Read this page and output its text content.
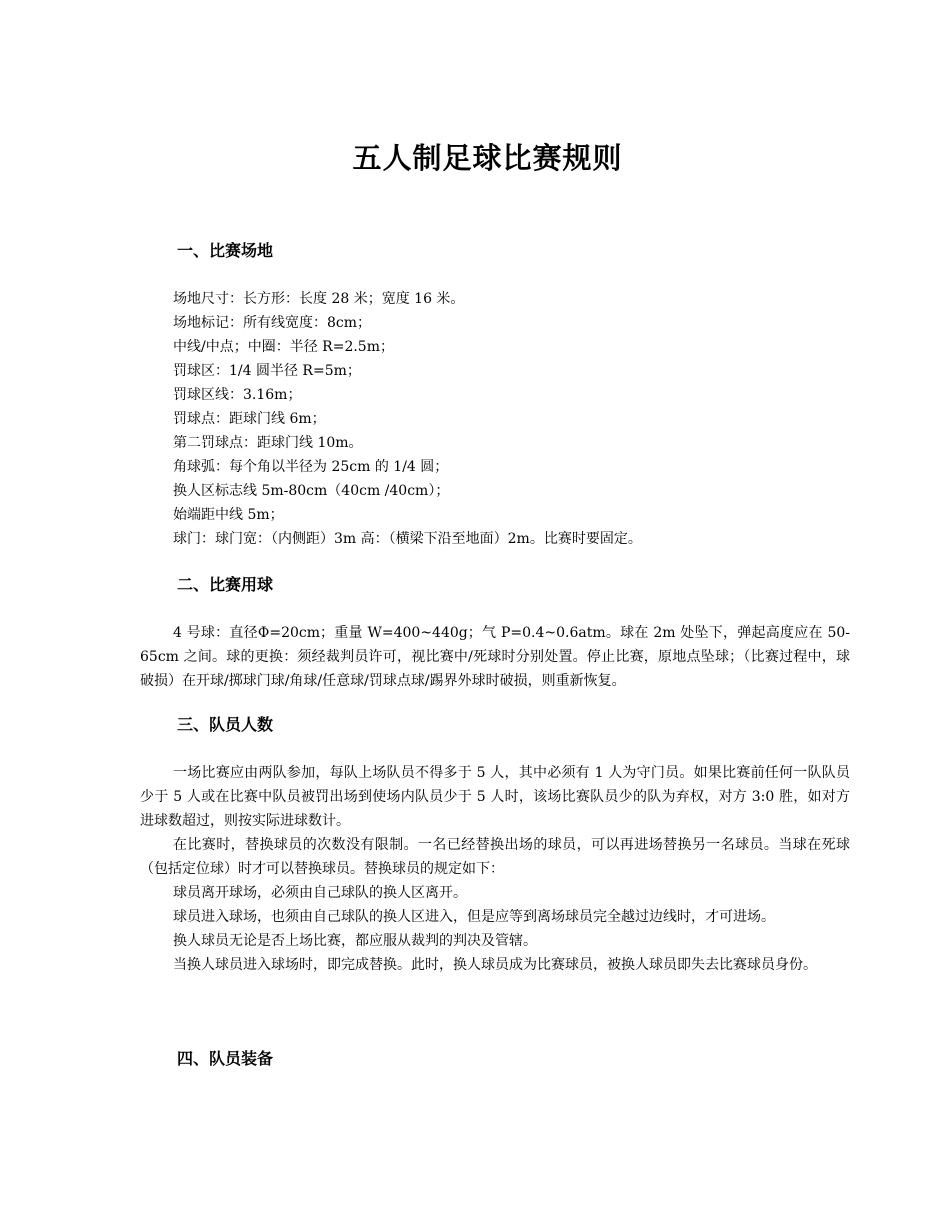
五人制足球比赛规则
一、比赛场地

场地尺寸：长方形：长度 28 米；宽度 16 米。

场地标记：所有线宽度：8cm；

中线/中点；中圈：半径 R=2.5m；

罚球区：1/4 圆半径 R=5m；

罚球区线：3.16m；

罚球点：距球门线 6m；

第二罚球点：距球门线 10m。

角球弧：每个角以半径为 25cm 的 1/4 圆；

换人区标志线 5m-80cm（40cm /40cm）；

始端距中线 5m；

球门：球门宽：（内侧距）3m 高：（横梁下沿至地面）2m。比赛时要固定。

二、比赛用球

4 号球：直径Φ=20cm；重量 W=400~440g；气 P=0.4~0.6atm。球在 2m 处坠下，弹起高度应在 50-65cm 之间。球的更换：须经裁判员许可，视比赛中/死球时分别处置。停止比赛，原地点坠球；（比赛过程中，球破损）在开球/掷球门球/角球/任意球/罚球点球/踢界外球时破损，则重新恢复。

三、队员人数

一场比赛应由两队参加，每队上场队员不得多于 5 人，其中必须有 1 人为守门员。如果比赛前任何一队队员少于 5 人或在比赛中队员被罚出场到使场内队员少于 5 人时，该场比赛队员少的队为弃权，对方 3:0 胜，如对方进球数超过，则按实际进球数计。

在比赛时，替换球员的次数没有限制。一名已经替换出场的球员，可以再进场替换另一名球员。当球在死球（包括定位球）时才可以替换球员。替换球员的规定如下：

球员离开球场，必须由自己球队的换人区离开。

球员进入球场，也须由自己球队的换人区进入，但是应等到离场球员完全越过边线时，才可进场。

换人球员无论是否上场比赛，都应服从裁判的判决及管辖。

当换人球员进入球场时，即完成替换。此时，换人球员成为比赛球员，被换人球员即失去比赛球员身份。

四、队员装备
